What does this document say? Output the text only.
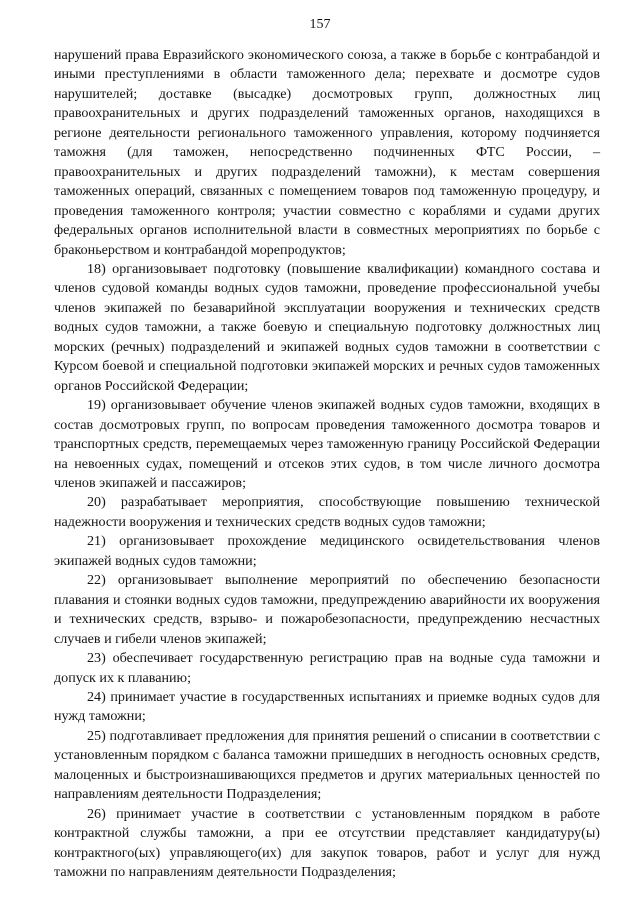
157

нарушений права Евразийского экономического союза, а также в борьбе с контрабандой и иными преступлениями в области таможенного дела; перехвате и досмотре судов нарушителей; доставке (высадке) досмотровых групп, должностных лиц правоохранительных и других подразделений таможенных органов, находящихся в регионе деятельности регионального таможенного управления, которому подчиняется таможня (для таможен, непосредственно подчиненных ФТС России, – правоохранительных и других подразделений таможни), к местам совершения таможенных операций, связанных с помещением товаров под таможенную процедуру, и проведения таможенного контроля; участии совместно с кораблями и судами других федеральных органов исполнительной власти в совместных мероприятиях по борьбе с браконьерством и контрабандой морепродуктов;

18) организовывает подготовку (повышение квалификации) командного состава и членов судовой команды водных судов таможни, проведение профессиональной учебы членов экипажей по безаварийной эксплуатации вооружения и технических средств водных судов таможни, а также боевую и специальную подготовку должностных лиц морских (речных) подразделений и экипажей водных судов таможни в соответствии с Курсом боевой и специальной подготовки экипажей морских и речных судов таможенных органов Российской Федерации;

19) организовывает обучение членов экипажей водных судов таможни, входящих в состав досмотровых групп, по вопросам проведения таможенного досмотра товаров и транспортных средств, перемещаемых через таможенную границу Российской Федерации на невоенных судах, помещений и отсеков этих судов, в том числе личного досмотра членов экипажей и пассажиров;

20) разрабатывает мероприятия, способствующие повышению технической надежности вооружения и технических средств водных судов таможни;

21) организовывает прохождение медицинского освидетельствования членов экипажей водных судов таможни;

22) организовывает выполнение мероприятий по обеспечению безопасности плавания и стоянки водных судов таможни, предупреждению аварийности их вооружения и технических средств, взрыво- и пожаробезопасности, предупреждению несчастных случаев и гибели членов экипажей;

23) обеспечивает государственную регистрацию прав на водные суда таможни и допуск их к плаванию;

24) принимает участие в государственных испытаниях и приемке водных судов для нужд таможни;

25) подготавливает предложения для принятия решений о списании в соответствии с установленным порядком с баланса таможни пришедших в негодность основных средств, малоценных и быстроизнашивающихся предметов и других материальных ценностей по направлениям деятельности Подразделения;

26) принимает участие в соответствии с установленным порядком в работе контрактной службы таможни, а при ее отсутствии представляет кандидатуру(ы) контрактного(ых) управляющего(их) для закупок товаров, работ и услуг для нужд таможни по направлениям деятельности Подразделения;
